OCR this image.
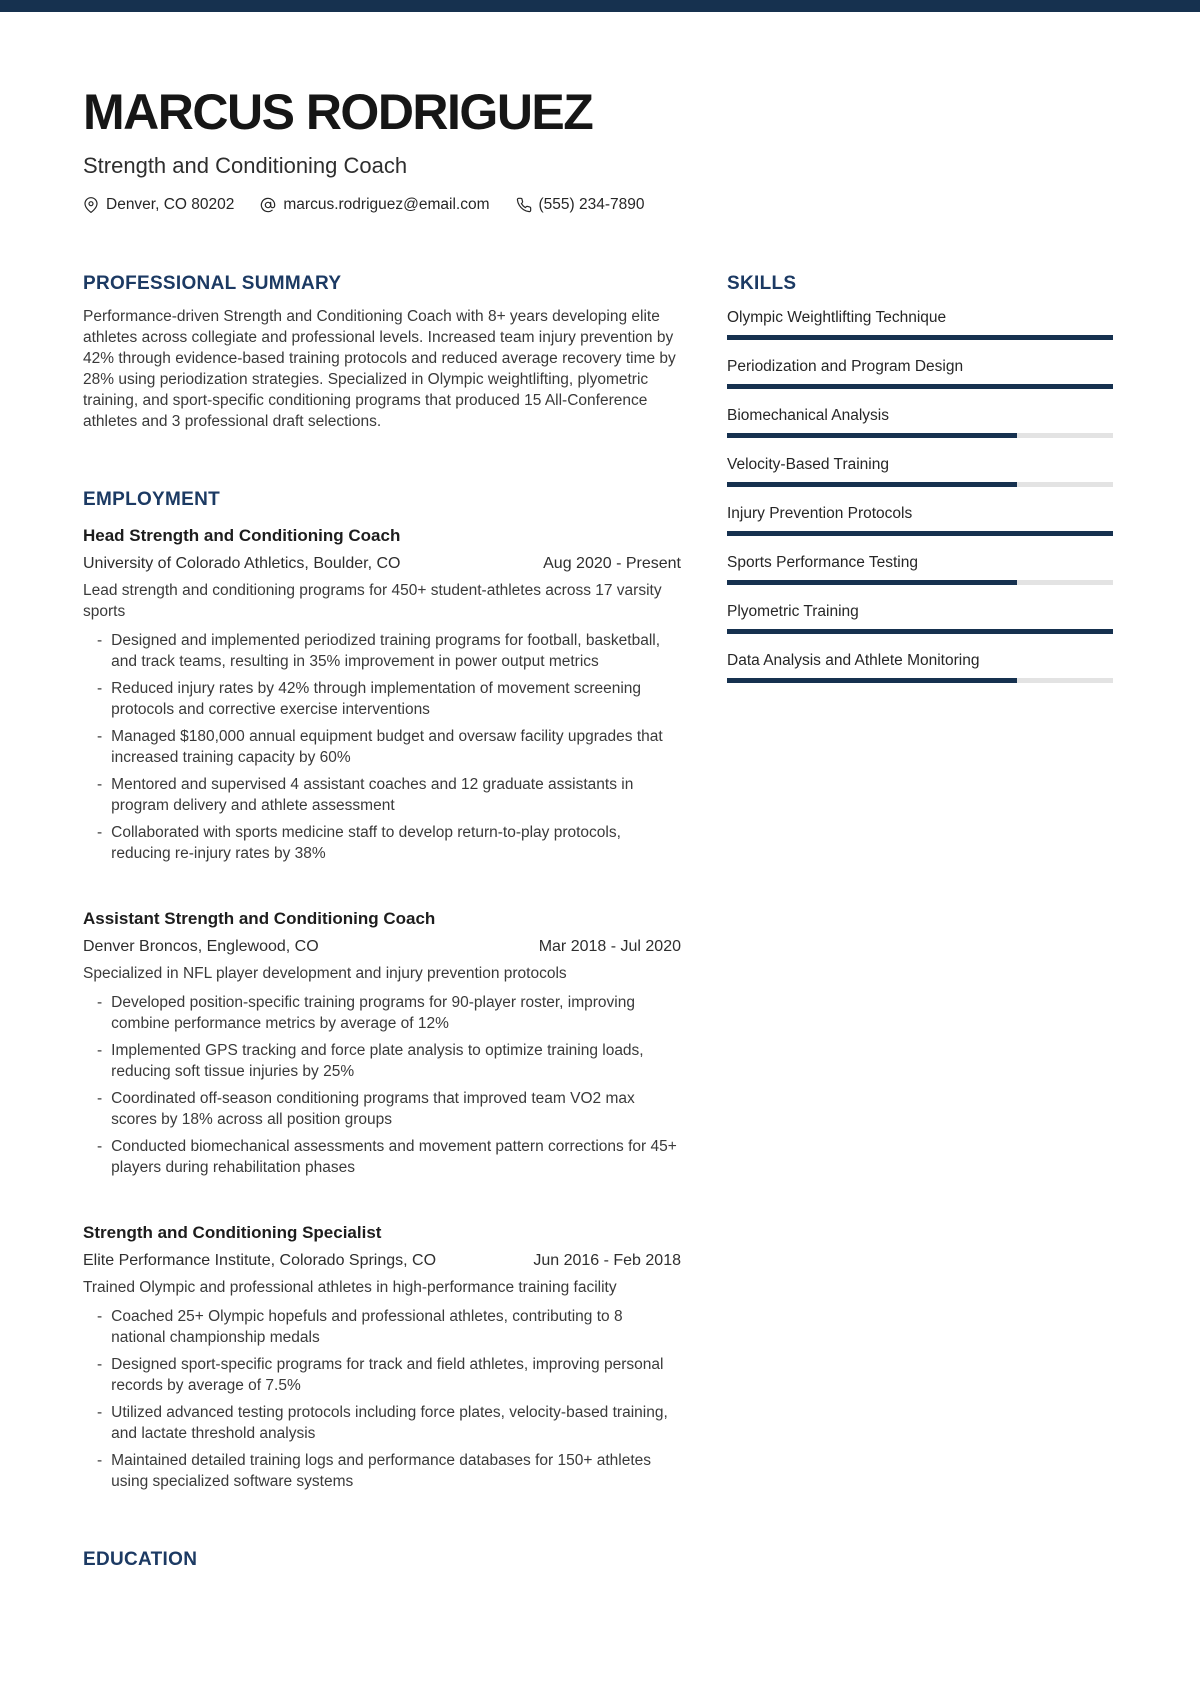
MARCUS RODRIGUEZ
Strength and Conditioning Coach
Denver, CO 80202	marcus.rodriguez@email.com	(555) 234-7890
PROFESSIONAL SUMMARY

Performance-driven Strength and Conditioning Coach with 8+ years developing elite athletes across collegiate and professional levels. Increased team injury prevention by 42% through evidence-based training protocols and reduced average recovery time by 28% using periodization strategies. Specialized in Olympic weightlifting, plyometric training, and sport-specific conditioning programs that produced 15 All-Conference athletes and 3 professional draft selections.

EMPLOYMENT
Head Strength and Conditioning Coach
University of Colorado Athletics, Boulder, CO	Aug 2020 - Present
Lead strength and conditioning programs for 450+ student-athletes across 17 varsity sports
- Designed and implemented periodized training programs for football, basketball, and track teams, resulting in 35% improvement in power output metrics
- Reduced injury rates by 42% through implementation of movement screening protocols and corrective exercise interventions
- Managed $180,000 annual equipment budget and oversaw facility upgrades that increased training capacity by 60%
- Mentored and supervised 4 assistant coaches and 12 graduate assistants in program delivery and athlete assessment
- Collaborated with sports medicine staff to develop return-to-play protocols, reducing re-injury rates by 38%
Assistant Strength and Conditioning Coach
Denver Broncos, Englewood, CO	Mar 2018 - Jul 2020
Specialized in NFL player development and injury prevention protocols
- Developed position-specific training programs for 90-player roster, improving combine performance metrics by average of 12%
- Implemented GPS tracking and force plate analysis to optimize training loads, reducing soft tissue injuries by 25%
- Coordinated off-season conditioning programs that improved team VO2 max scores by 18% across all position groups
- Conducted biomechanical assessments and movement pattern corrections for 45+ players during rehabilitation phases
Strength and Conditioning Specialist
Elite Performance Institute, Colorado Springs, CO	Jun 2016 - Feb 2018
Trained Olympic and professional athletes in high-performance training facility
- Coached 25+ Olympic hopefuls and professional athletes, contributing to 8 national championship medals
- Designed sport-specific programs for track and field athletes, improving personal records by average of 7.5%
- Utilized advanced testing protocols including force plates, velocity-based training, and lactate threshold analysis
- Maintained detailed training logs and performance databases for 150+ athletes using specialized software systems
EDUCATION
SKILLS
Olympic Weightlifting Technique
Periodization and Program Design
Biomechanical Analysis
Velocity-Based Training
Injury Prevention Protocols
Sports Performance Testing
Plyometric Training
Data Analysis and Athlete Monitoring
